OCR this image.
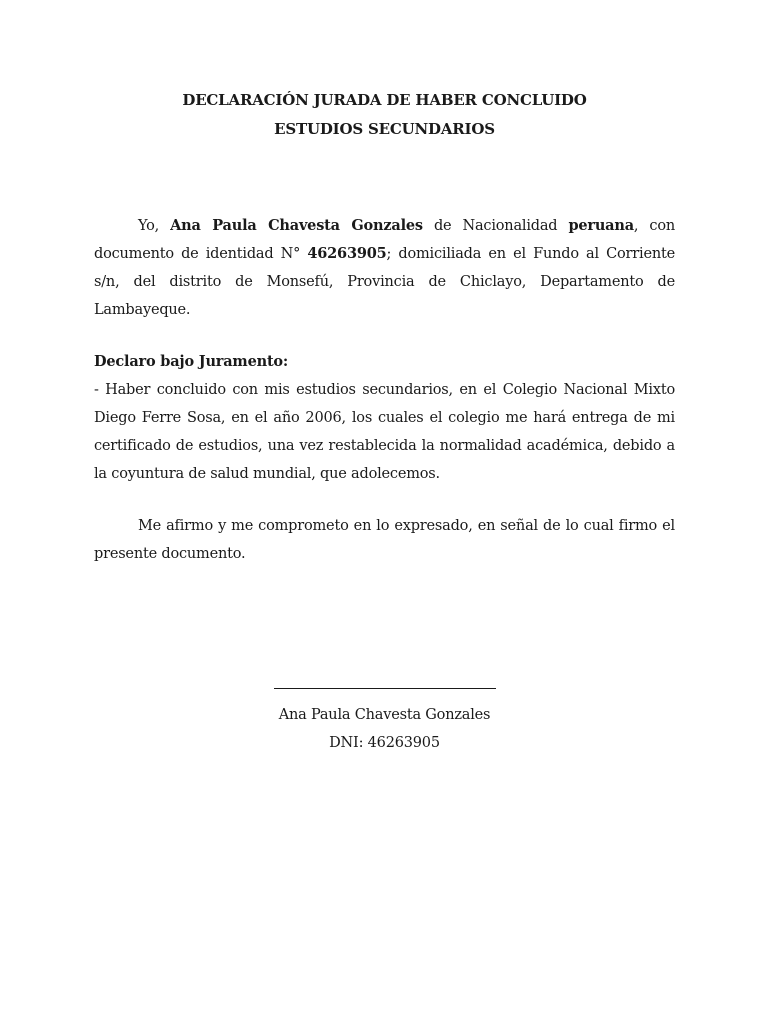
DECLARACIÓN JURADA DE HABER CONCLUIDO

ESTUDIOS SECUNDARIOS

Yo, Ana Paula Chavesta Gonzales de Nacionalidad peruana, con documento de identidad N° 46263905; domiciliada en el Fundo al Corriente s/n, del distrito de Monsefú, Provincia de Chiclayo, Departamento de Lambayeque.

Declaro bajo Juramento:

- Haber concluido con mis estudios secundarios, en el Colegio Nacional Mixto Diego Ferre Sosa, en el año 2006, los cuales el colegio me hará entrega de mi certificado de estudios, una vez restablecida la normalidad académica, debido a la coyuntura de salud mundial, que adolecemos.

Me afirmo y me comprometo en lo expresado, en señal de lo cual firmo el presente documento.

Ana Paula Chavesta Gonzales

DNI: 46263905
